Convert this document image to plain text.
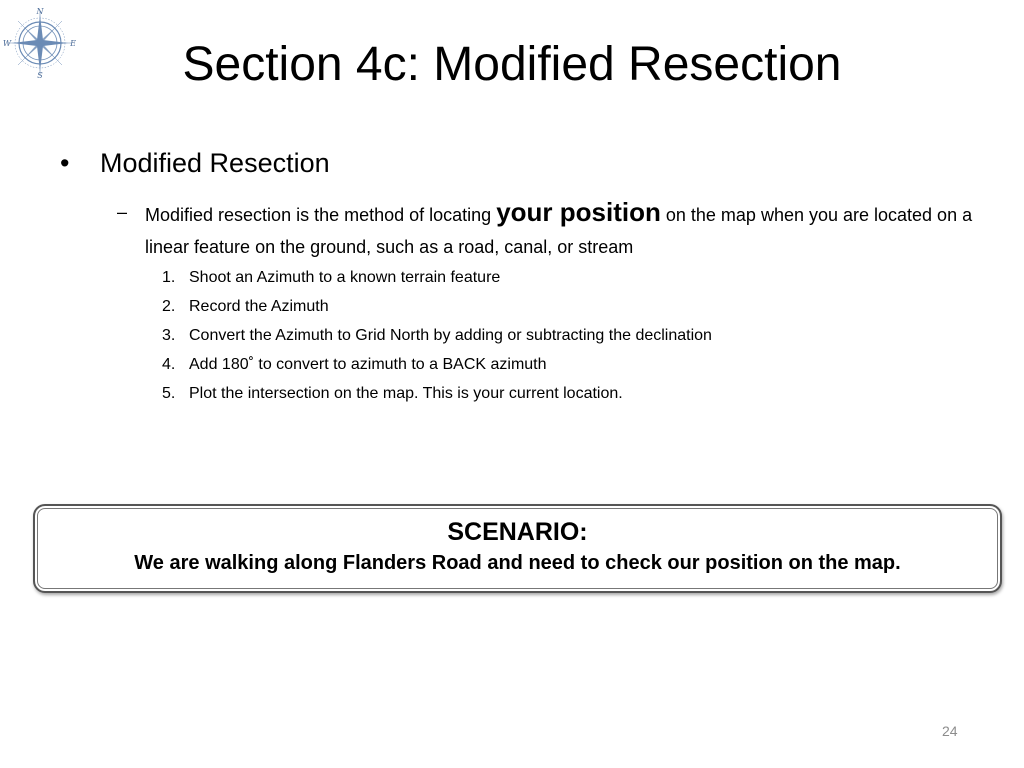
N
E
S
W	Section 4c: Modified Resection
• Modified Resection
– Modified resection is the method of locating your position on the map when you are located on a linear feature on the ground, such as a road, canal, or stream
1. Shoot an Azimuth to a known terrain feature
2. Record the Azimuth
3. Convert the Azimuth to Grid North by adding or subtracting the declination
4. Add 180˚ to convert to azimuth to a BACK azimuth
5. Plot the intersection on the map. This is your current location.
SCENARIO:
We are walking along Flanders Road and need to check our position on the map.
24
